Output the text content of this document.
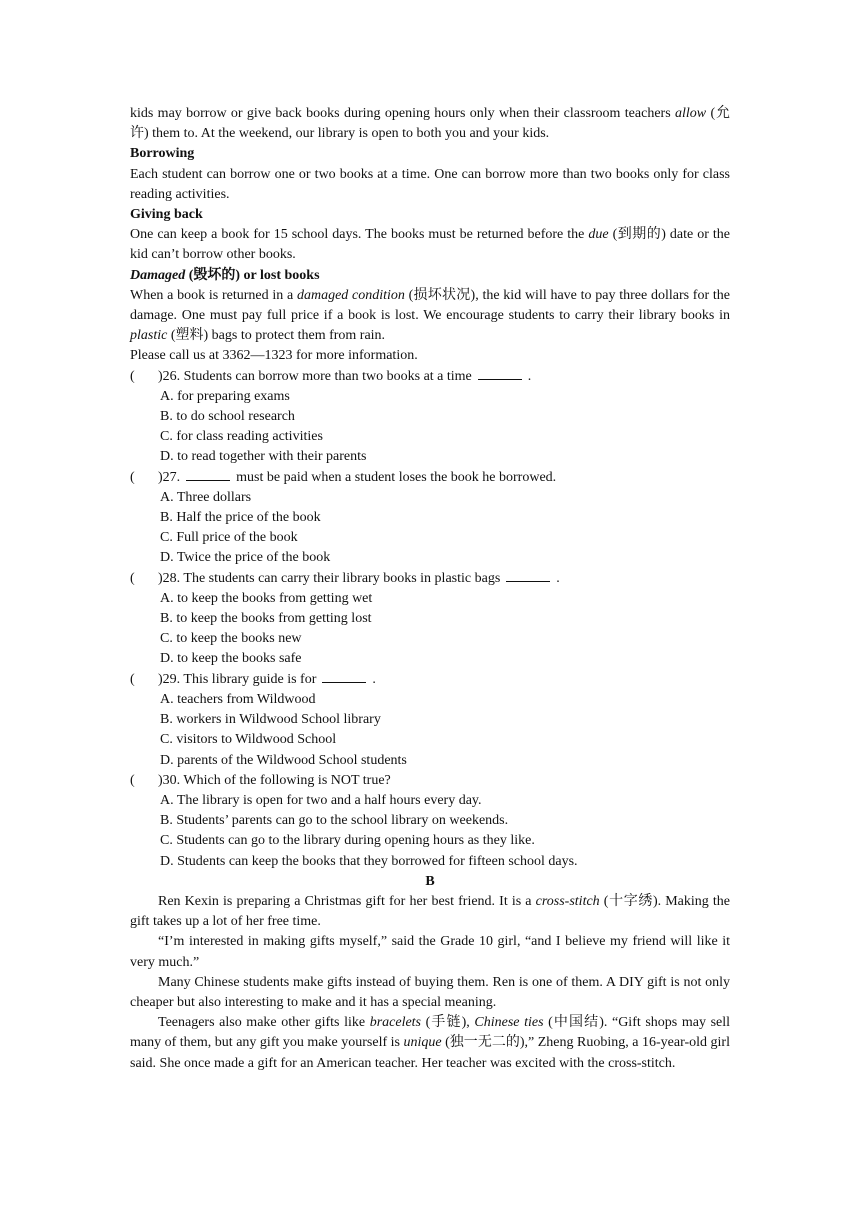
kids may borrow or give back books during opening hours only when their classroom teachers allow (允许) them to. At the weekend, our library is open to both you and your kids.

Borrowing

Each student can borrow one or two books at a time. One can borrow more than two books only for class reading activities.

Giving back

One can keep a book for 15 school days. The books must be returned before the due (到期的) date or the kid can’t borrow other books.

Damaged (毁坏的) or lost books

When a book is returned in a damaged condition (损坏状况), the kid will have to pay three dollars for the damage. One must pay full price if a book is lost. We encourage students to carry their library books in plastic (塑料) bags to protect them from rain.

Please call us at 3362—1323 for more information.

( )26. Students can borrow more than two books at a time	.

A. for preparing exams

B. to do school research

C. for class reading activities

D. to read together with their parents

( )27.	must be paid when a student loses the book he borrowed.

A. Three dollars

B. Half the price of the book

C. Full price of the book

D. Twice the price of the book

( )28. The students can carry their library books in plastic bags	.

A. to keep the books from getting wet

B. to keep the books from getting lost

C. to keep the books new

D. to keep the books safe

( )29. This library guide is for	.

A. teachers from Wildwood

B. workers in Wildwood School library

C. visitors to Wildwood School

D. parents of the Wildwood School students

( )30. Which of the following is NOT true?

A. The library is open for two and a half hours every day.

B. Students’ parents can go to the school library on weekends.

C. Students can go to the library during opening hours as they like.

D. Students can keep the books that they borrowed for fifteen school days.

B

Ren Kexin is preparing a Christmas gift for her best friend. It is a cross-stitch (十字绣). Making the gift takes up a lot of her free time.

“I’m interested in making gifts myself,” said the Grade 10 girl, “and I believe my friend will like it very much.”

Many Chinese students make gifts instead of buying them. Ren is one of them. A DIY gift is not only cheaper but also interesting to make and it has a special meaning.

Teenagers also make other gifts like bracelets (手链), Chinese ties (中国结). “Gift shops may sell many of them, but any gift you make yourself is unique (独一无二的),” Zheng Ruobing, a 16-year-old girl said. She once made a gift for an American teacher. Her teacher was excited with the cross-stitch.
